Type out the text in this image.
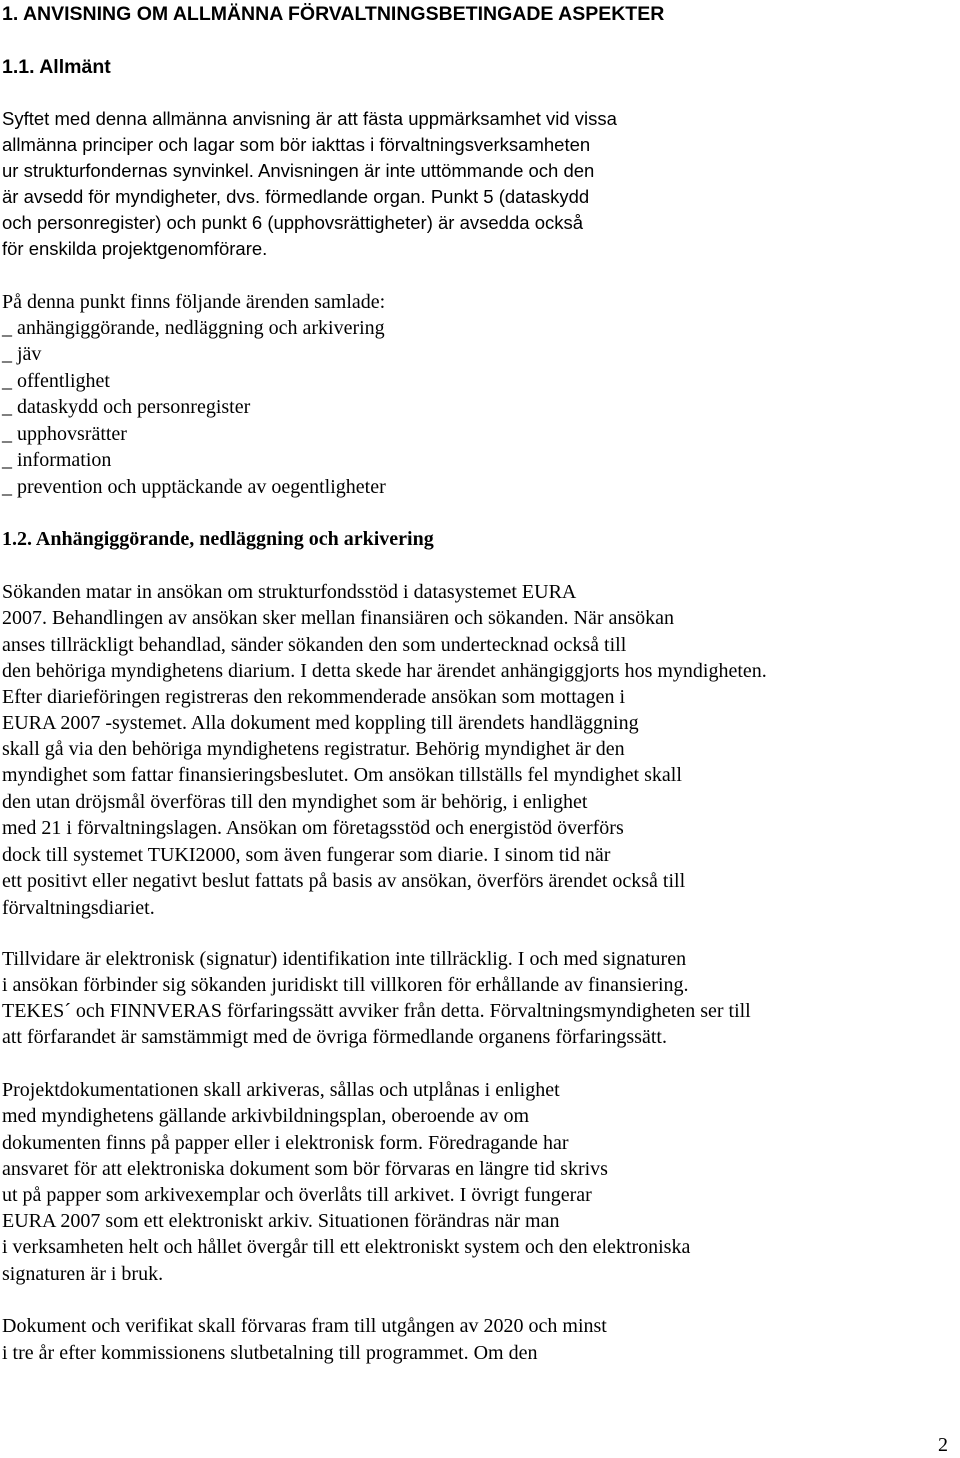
1. ANVISNING OM ALLMÄNNA FÖRVALTNINGSBETINGADE ASPEKTER
1.1. Allmänt
Syftet med denna allmänna anvisning är att fästa uppmärksamhet vid vissa
allmänna principer och lagar som bör iakttas i förvaltningsverksamheten
ur strukturfondernas synvinkel. Anvisningen är inte uttömmande och den
är avsedd för myndigheter, dvs. förmedlande organ. Punkt 5 (dataskydd
och personregister) och punkt 6 (upphovsrättigheter) är avsedda också
för enskilda projektgenomförare.
På denna punkt finns följande ärenden samlade:
_ anhängiggörande, nedläggning och arkivering
_ jäv
_ offentlighet
_ dataskydd och personregister
_ upphovsrätter
_ information
_ prevention och upptäckande av oegentligheter
1.2. Anhängiggörande, nedläggning och arkivering
Sökanden matar in ansökan om strukturfondsstöd i datasystemet EURA
2007. Behandlingen av ansökan sker mellan finansiären och sökanden. När ansökan
anses tillräckligt behandlad, sänder sökanden den som undertecknad också till
den behöriga myndighetens diarium. I detta skede har ärendet anhängiggjorts hos myndigheten.
Efter diarieföringen registreras den rekommenderade ansökan som mottagen i
EURA 2007 -systemet. Alla dokument med koppling till ärendets handläggning
skall gå via den behöriga myndighetens registratur. Behörig myndighet är den
myndighet som fattar finansieringsbeslutet. Om ansökan tillställs fel myndighet skall
den utan dröjsmål överföras till den myndighet som är behörig, i enlighet
med 21 i förvaltningslagen. Ansökan om företagsstöd och energistöd överförs
dock till systemet TUKI2000, som även fungerar som diarie. I sinom tid när
ett positivt eller negativt beslut fattats på basis av ansökan, överförs ärendet också till
förvaltningsdiariet.
Tillvidare är elektronisk (signatur) identifikation inte tillräcklig. I och med signaturen
i ansökan förbinder sig sökanden juridiskt till villkoren för erhållande av finansiering.
TEKES´ och FINNVERAS förfaringssätt avviker från detta. Förvaltningsmyndigheten ser till
att förfarandet är samstämmigt med de övriga förmedlande organens förfaringssätt.
Projektdokumentationen skall arkiveras, sållas och utplånas i enlighet
med myndighetens gällande arkivbildningsplan, oberoende av om
dokumenten finns på papper eller i elektronisk form. Föredragande har
ansvaret för att elektroniska dokument som bör förvaras en längre tid skrivs
ut på papper som arkivexemplar och överlåts till arkivet. I övrigt fungerar
EURA 2007 som ett elektroniskt arkiv. Situationen förändras när man
i verksamheten helt och hållet övergår till ett elektroniskt system och den elektroniska
signaturen är i bruk.
Dokument och verifikat skall förvaras fram till utgången av 2020 och minst
i tre år efter kommissionens slutbetalning till programmet. Om den
2
